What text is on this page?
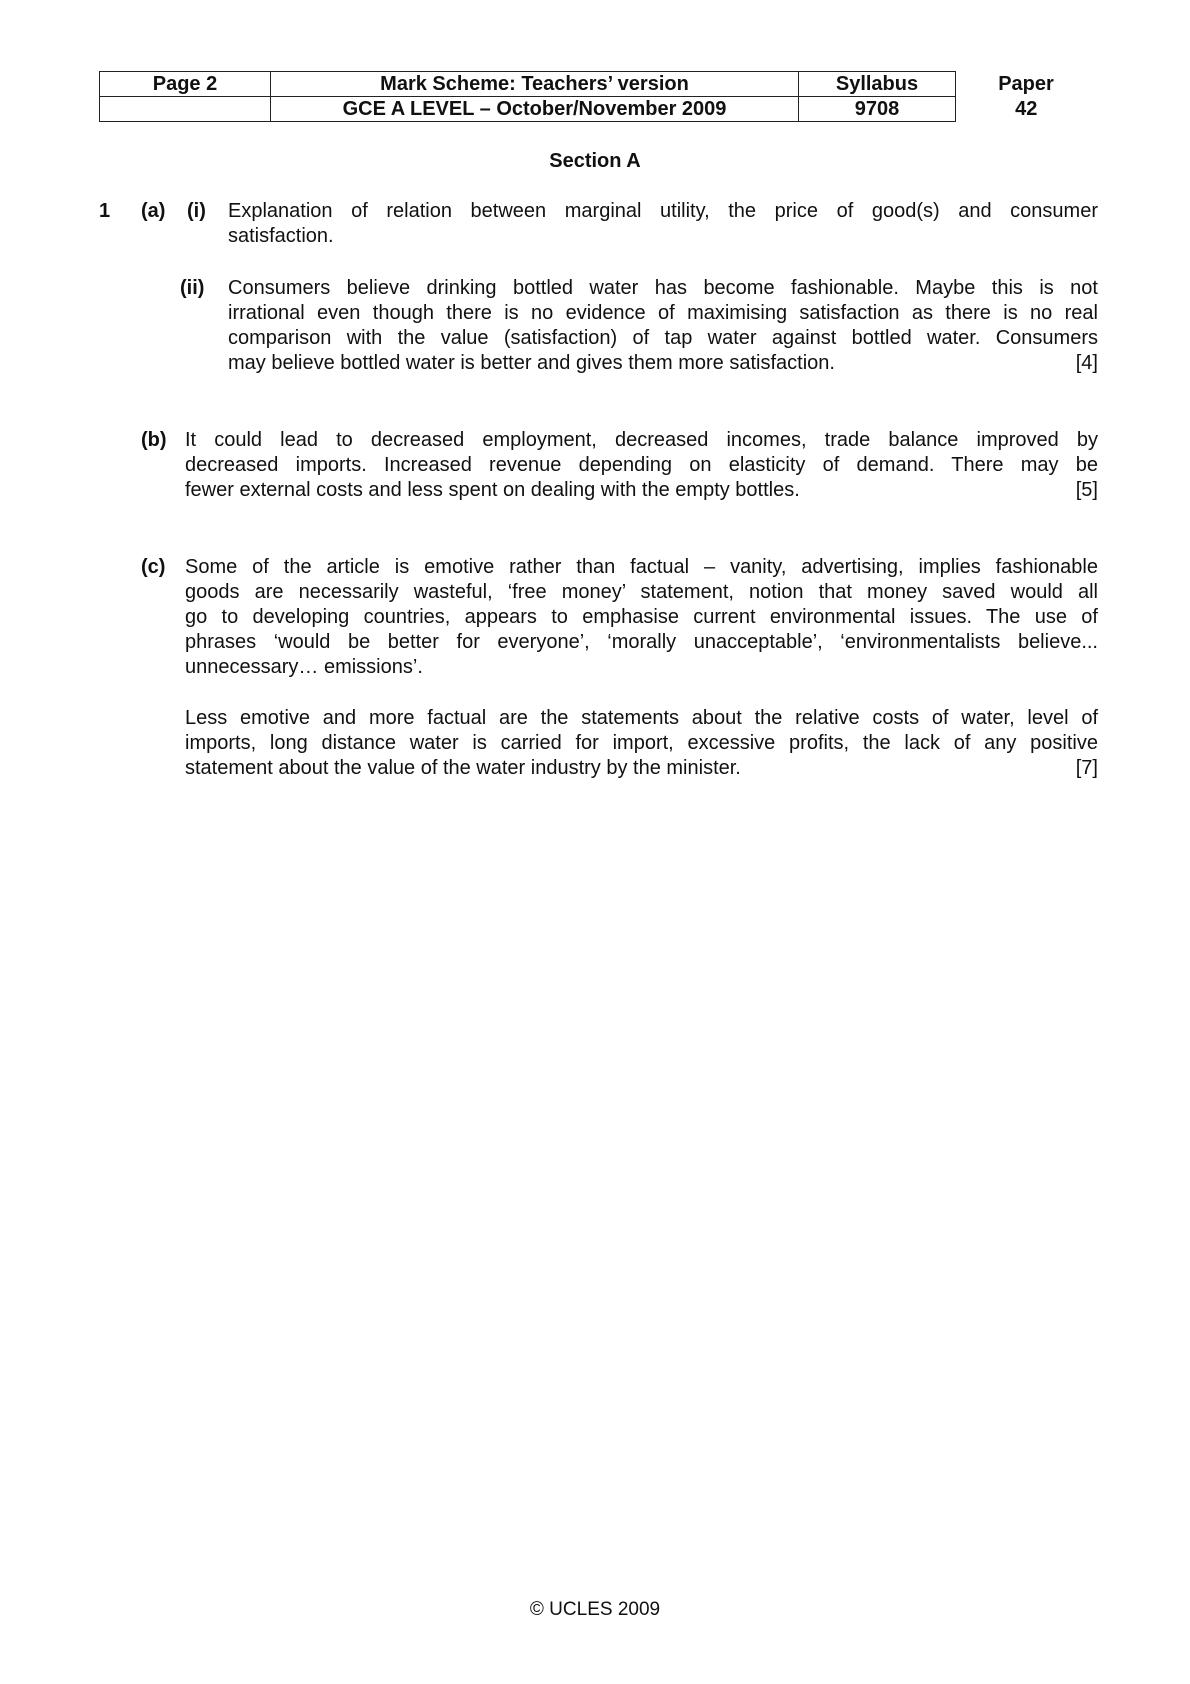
Page 2	Mark Scheme: Teachers’ version	Syllabus	Paper
	GCE A LEVEL – October/November 2009	9708	42
Section A
1 (a) (i) Explanation of relation between marginal utility, the price of good(s) and consumer
satisfaction.
(ii) Consumers believe drinking bottled water has become fashionable. Maybe this is not
irrational even though there is no evidence of maximising satisfaction as there is no real
comparison with the value (satisfaction) of tap water against bottled water. Consumers
may believe bottled water is better and gives them more satisfaction.	[4]
(b) It could lead to decreased employment, decreased incomes, trade balance improved by
decreased imports. Increased revenue depending on elasticity of demand. There may be
fewer external costs and less spent on dealing with the empty bottles.	[5]
(c) Some of the article is emotive rather than factual – vanity, advertising, implies fashionable
goods are necessarily wasteful, ‘free money’ statement, notion that money saved would all
go to developing countries, appears to emphasise current environmental issues. The use of
phrases ‘would be better for everyone’, ‘morally unacceptable’, ‘environmentalists believe...
unnecessary… emissions’.
Less emotive and more factual are the statements about the relative costs of water, level of
imports, long distance water is carried for import, excessive profits, the lack of any positive
statement about the value of the water industry by the minister.	[7]
© UCLES 2009
